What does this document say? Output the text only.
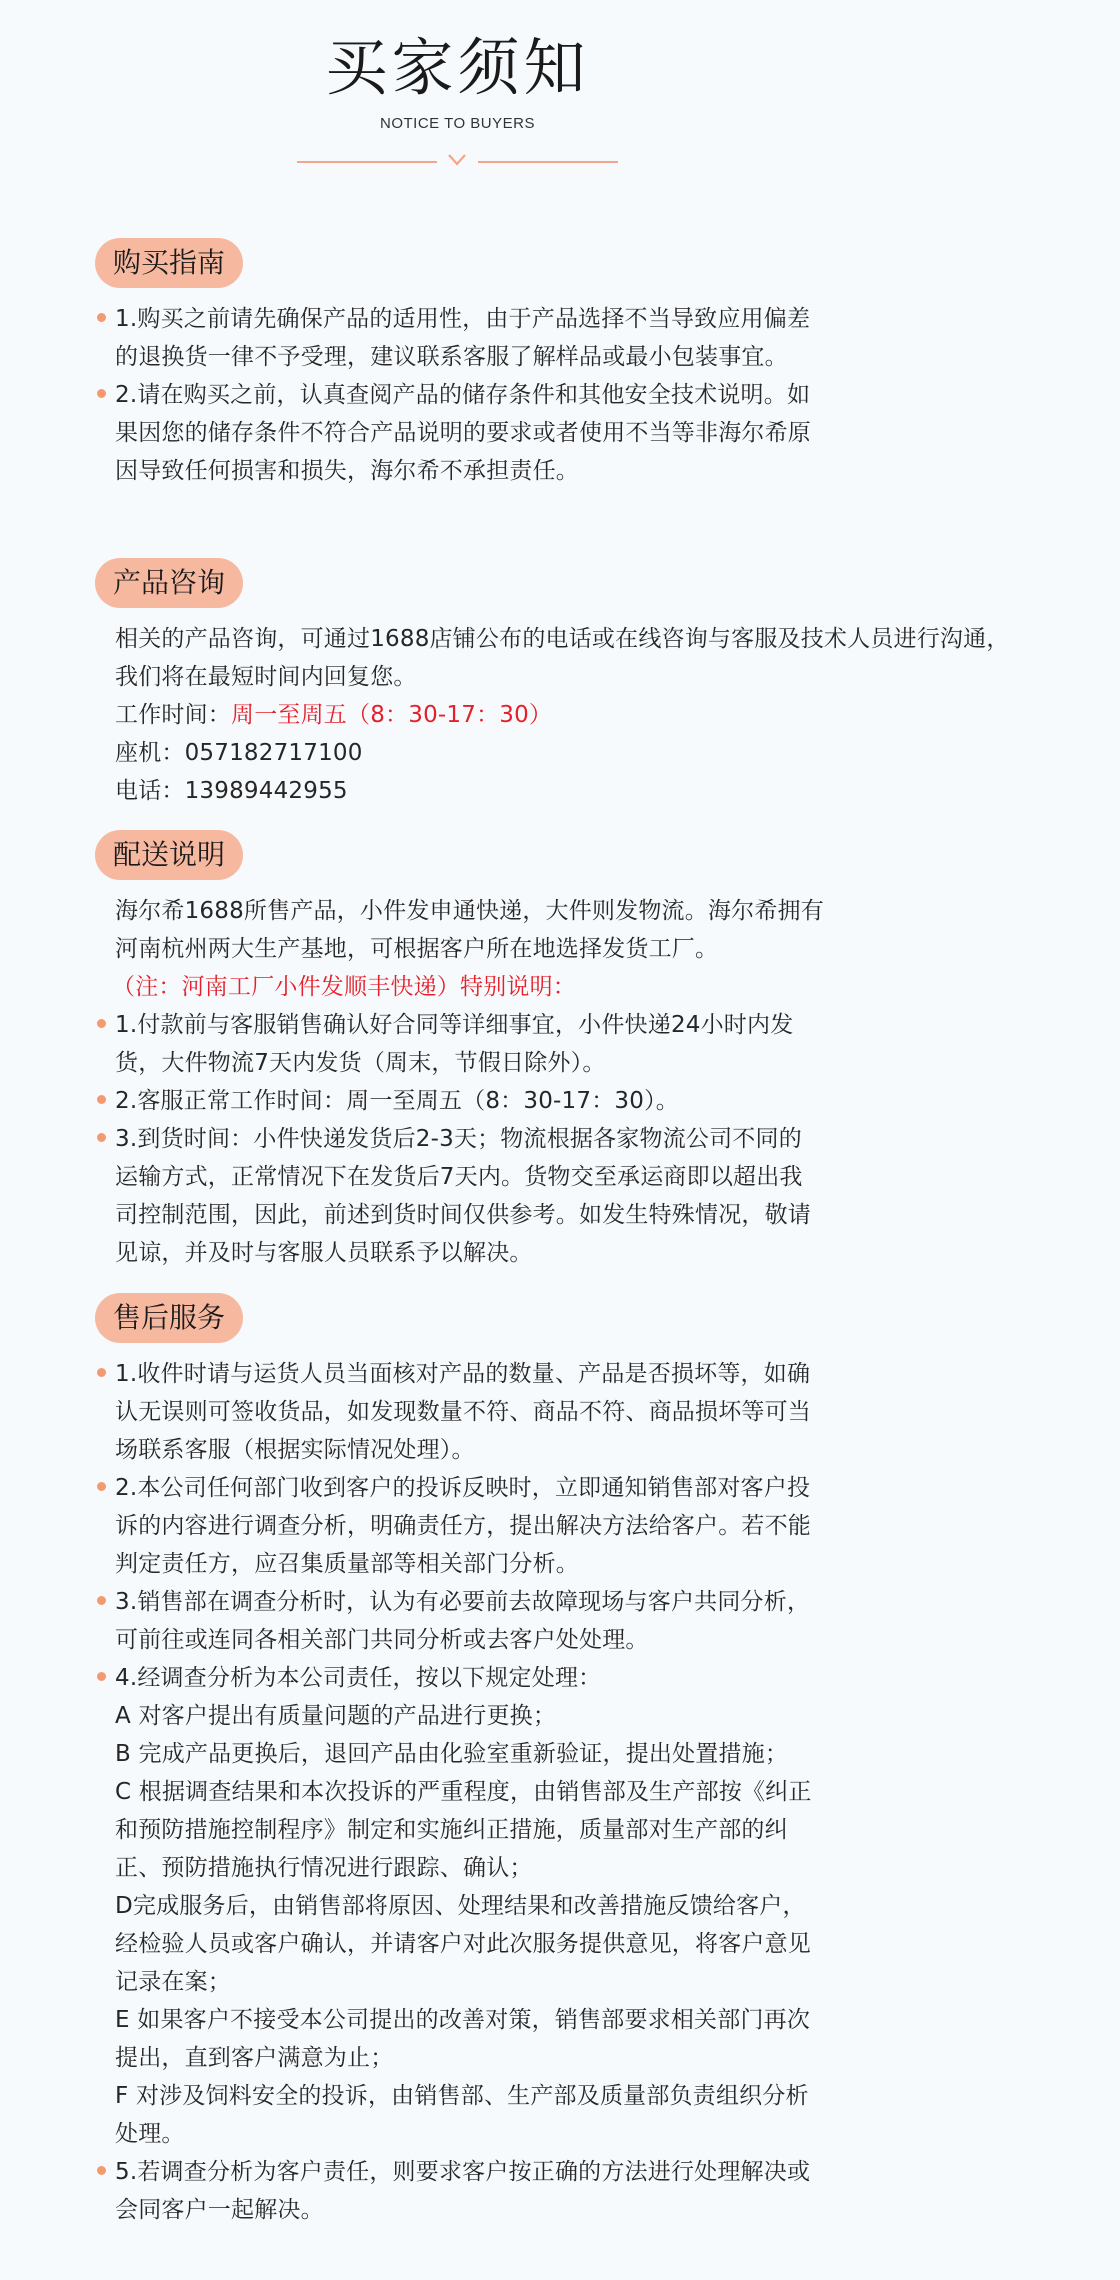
买家须知
NOTICE TO BUYERS
购买指南

1.购买之前请先确保产品的适用性，由于产品选择不当导致应用偏差的退换货一律不予受理，建议联系客服了解样品或最小包装事宜。

2.请在购买之前，认真查阅产品的储存条件和其他安全技术说明。如果因您的储存条件不符合产品说明的要求或者使用不当等非海尔希原因导致任何损害和损失，海尔希不承担责任。

产品咨询

相关的产品咨询，可通过1688店铺公布的电话或在线咨询与客服及技术人员进行沟通，我们将在最短时间内回复您。

工作时间：周一至周五（8：30-17：30）

座机：057182717100

电话：13989442955

配送说明

海尔希1688所售产品，小件发申通快递，大件则发物流。海尔希拥有河南杭州两大生产基地，可根据客户所在地选择发货工厂。

（注：河南工厂小件发顺丰快递）特别说明：

1.付款前与客服销售确认好合同等详细事宜，小件快递24小时内发货，大件物流7天内发货（周末，节假日除外）。

2.客服正常工作时间：周一至周五（8：30-17：30）。

3.到货时间：小件快递发货后2-3天；物流根据各家物流公司不同的运输方式，正常情况下在发货后7天内。货物交至承运商即以超出我司控制范围，因此，前述到货时间仅供参考。如发生特殊情况，敬请见谅，并及时与客服人员联系予以解决。

售后服务

1.收件时请与运货人员当面核对产品的数量、产品是否损坏等，如确认无误则可签收货品，如发现数量不符、商品不符、商品损坏等可当场联系客服（根据实际情况处理）。

2.本公司任何部门收到客户的投诉反映时，立即通知销售部对客户投诉的内容进行调查分析，明确责任方，提出解决方法给客户。若不能判定责任方，应召集质量部等相关部门分析。

3.销售部在调查分析时，认为有必要前去故障现场与客户共同分析，可前往或连同各相关部门共同分析或去客户处处理。

4.经调查分析为本公司责任，按以下规定处理：

A 对客户提出有质量问题的产品进行更换；

B 完成产品更换后，退回产品由化验室重新验证，提出处置措施；

C 根据调查结果和本次投诉的严重程度，由销售部及生产部按《纠正和预防措施控制程序》制定和实施纠正措施，质量部对生产部的纠正、预防措施执行情况进行跟踪、确认；

D完成服务后，由销售部将原因、处理结果和改善措施反馈给客户，经检验人员或客户确认，并请客户对此次服务提供意见，将客户意见记录在案；

E 如果客户不接受本公司提出的改善对策，销售部要求相关部门再次提出，直到客户满意为止；

F 对涉及饲料安全的投诉，由销售部、生产部及质量部负责组织分析处理。

5.若调查分析为客户责任，则要求客户按正确的方法进行处理解决或会同客户一起解决。
